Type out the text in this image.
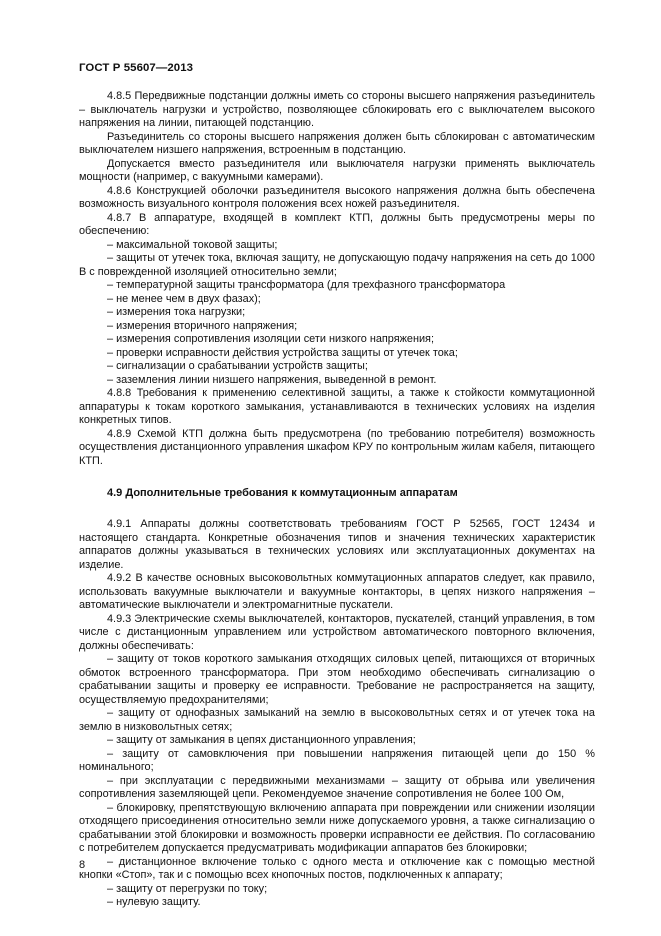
ГОСТ Р 55607—2013

4.8.5 Передвижные подстанции должны иметь со стороны высшего напряжения разъединитель – выключатель нагрузки и устройство, позволяющее сблокировать его с выключателем высокого напряжения на линии, питающей подстанцию.

Разъединитель со стороны высшего напряжения должен быть сблокирован с автоматическим выключателем низшего напряжения, встроенным в подстанцию.

Допускается вместо разъединителя или выключателя нагрузки применять выключатель мощности (например, с вакуумными камерами).

4.8.6 Конструкцией оболочки разъединителя высокого напряжения должна быть обеспечена возможность визуального контроля положения всех ножей разъединителя.

4.8.7 В аппаратуре, входящей в комплект КТП, должны быть предусмотрены меры по обеспечению:

– максимальной токовой защиты;

– защиты от утечек тока, включая защиту, не допускающую подачу напряжения на сеть до 1000 В с поврежденной изоляцией относительно земли;

– температурной защиты трансформатора (для трехфазного трансформатора

– не менее чем в двух фазах);

– измерения тока нагрузки;

– измерения вторичного напряжения;

– измерения сопротивления изоляции сети низкого напряжения;

– проверки исправности действия устройства защиты от утечек тока;

– сигнализации о срабатывании устройств защиты;

– заземления линии низшего напряжения, выведенной в ремонт.

4.8.8 Требования к применению селективной защиты, а также к стойкости коммутационной аппаратуры к токам короткого замыкания, устанавливаются в технических условиях на изделия конкретных типов.

4.8.9 Схемой КТП должна быть предусмотрена (по требованию потребителя) возможность осуществления дистанционного управления шкафом КРУ по контрольным жилам кабеля, питающего КТП.

4.9 Дополнительные требования к коммутационным аппаратам

4.9.1 Аппараты должны соответствовать требованиям ГОСТ Р 52565, ГОСТ 12434 и настоящего стандарта. Конкретные обозначения типов и значения технических характеристик аппаратов должны указываться в технических условиях или эксплуатационных документах на изделие.

4.9.2 В качестве основных высоковольтных коммутационных аппаратов следует, как правило, использовать вакуумные выключатели и вакуумные контакторы, в цепях низкого напряжения – автоматические выключатели и электромагнитные пускатели.

4.9.3 Электрические схемы выключателей, контакторов, пускателей, станций управления, в том числе с дистанционным управлением или устройством автоматического повторного включения, должны обеспечивать:

– защиту от токов короткого замыкания отходящих силовых цепей, питающихся от вторичных обмоток встроенного трансформатора. При этом необходимо обеспечивать сигнализацию о срабатывании защиты и проверку ее исправности. Требование не распространяется на защиту, осуществляемую предохранителями;

– защиту от однофазных замыканий на землю в высоковольтных сетях и от утечек тока на землю в низковольтных сетях;

– защиту от замыкания в цепях дистанционного управления;

– защиту от самовключения при повышении напряжения питающей цепи до 150 % номинального;

– при эксплуатации с передвижными механизмами – защиту от обрыва или увеличения сопротивления заземляющей цепи. Рекомендуемое значение сопротивления не более 100 Ом,

– блокировку, препятствующую включению аппарата при повреждении или снижении изоляции отходящего присоединения относительно земли ниже допускаемого уровня, а также сигнализацию о срабатывании этой блокировки и возможность проверки исправности ее действия. По согласованию с потребителем допускается предусматривать модификации аппаратов без блокировки;

– дистанционное включение только с одного места и отключение как с помощью местной кнопки «Стоп», так и с помощью всех кнопочных постов, подключенных к аппарату;

– защиту от перегрузки по току;

– нулевую защиту.

8
